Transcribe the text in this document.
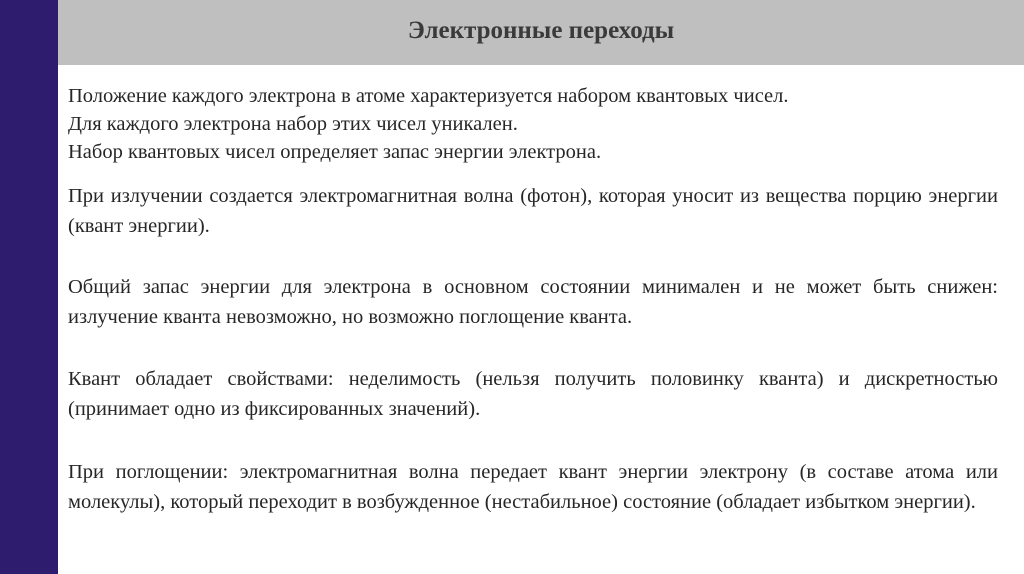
Электронные переходы
Положение каждого электрона в атоме характеризуется набором квантовых чисел.
Для каждого электрона набор этих чисел уникален.
Набор квантовых чисел определяет запас энергии электрона.

При излучении создается электромагнитная волна (фотон), которая уносит из вещества порцию энергии (квант энергии).

Общий запас энергии для электрона в основном состоянии минимален и не может быть снижен: излучение кванта невозможно, но возможно поглощение кванта.

Квант обладает свойствами: неделимость (нельзя получить половинку кванта) и дискретностью (принимает одно из фиксированных значений).

При поглощении: электромагнитная волна передает квант энергии электрону (в составе атома или молекулы), который переходит в возбужденное (нестабильное) состояние (обладает избытком энергии).
